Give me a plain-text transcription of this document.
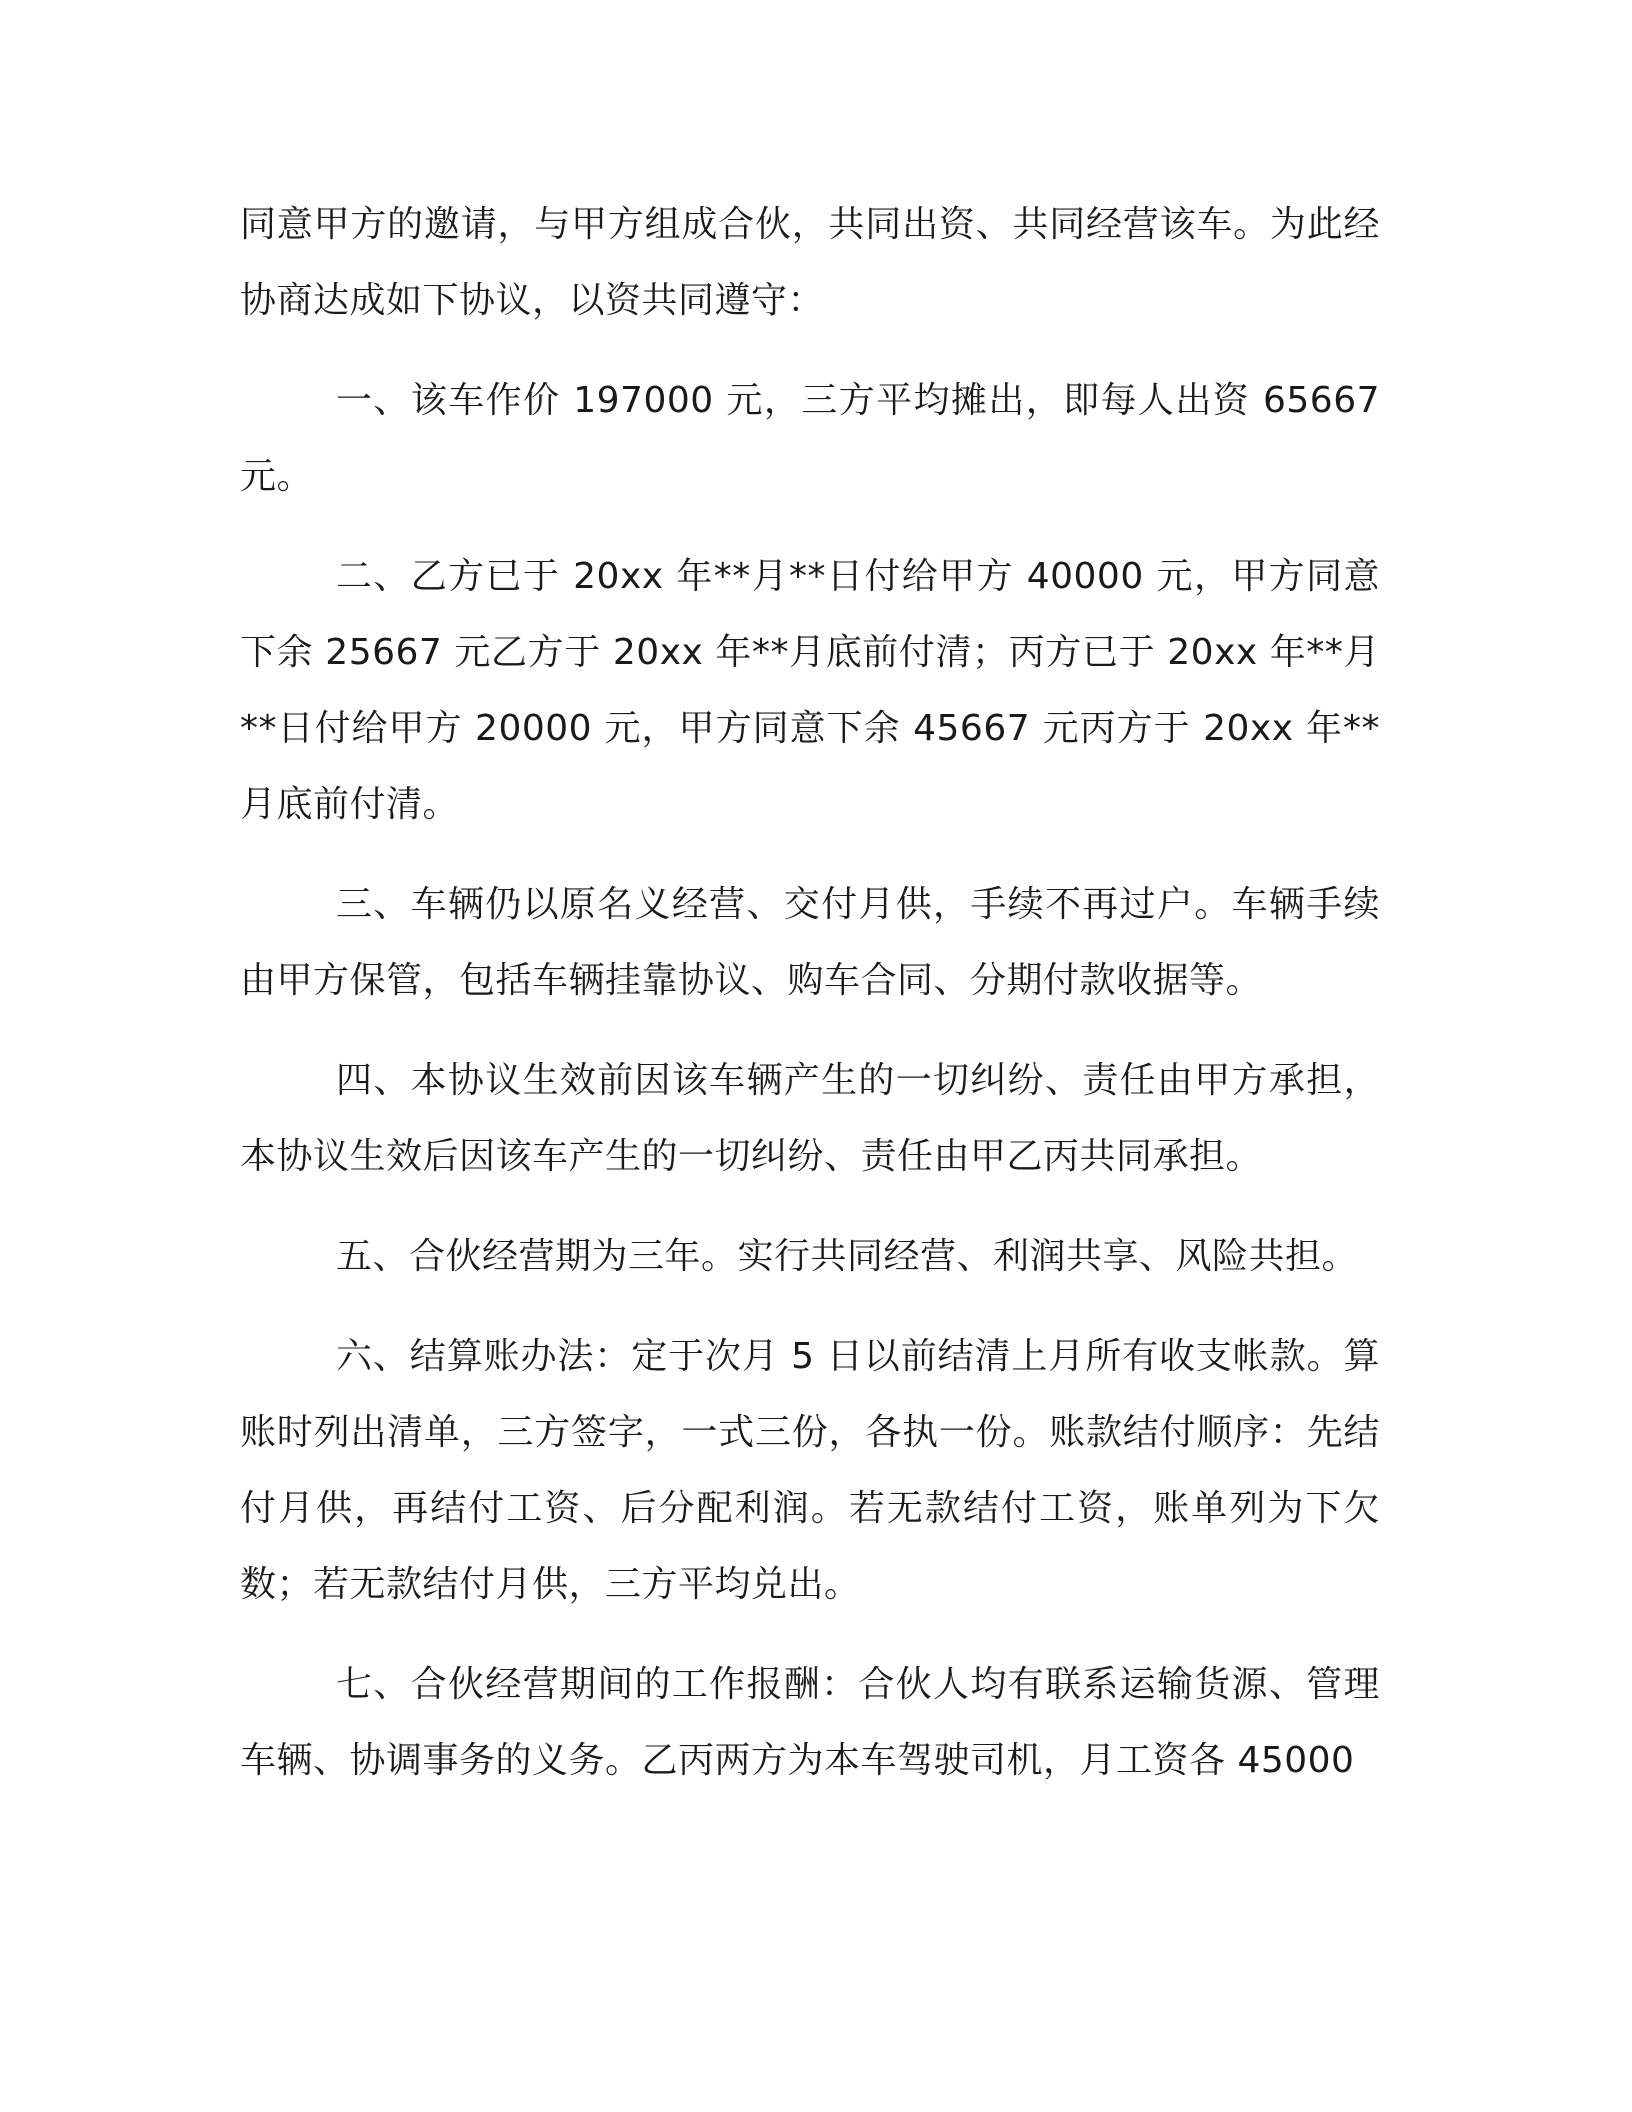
同意甲方的邀请，与甲方组成合伙，共同出资、共同经营该车。为此经协商达成如下协议，以资共同遵守：

一、该车作价 197000 元，三方平均摊出，即每人出资 65667 元。

二、乙方已于 20xx 年**月**日付给甲方 40000 元，甲方同意下余 25667 元乙方于 20xx 年**月底前付清；丙方已于 20xx 年**月**日付给甲方 20000 元，甲方同意下余 45667 元丙方于 20xx 年**月底前付清。

三、车辆仍以原名义经营、交付月供，手续不再过户。车辆手续由甲方保管，包括车辆挂靠协议、购车合同、分期付款收据等。

四、本协议生效前因该车辆产生的一切纠纷、责任由甲方承担，本协议生效后因该车产生的一切纠纷、责任由甲乙丙共同承担。

五、合伙经营期为三年。实行共同经营、利润共享、风险共担。

六、结算账办法：定于次月 5 日以前结清上月所有收支帐款。算账时列出清单，三方签字，一式三份，各执一份。账款结付顺序：先结付月供，再结付工资、后分配利润。若无款结付工资，账单列为下欠数；若无款结付月供，三方平均兑出。

七、合伙经营期间的工作报酬：合伙人均有联系运输货源、管理车辆、协调事务的义务。乙丙两方为本车驾驶司机，月工资各 45000
